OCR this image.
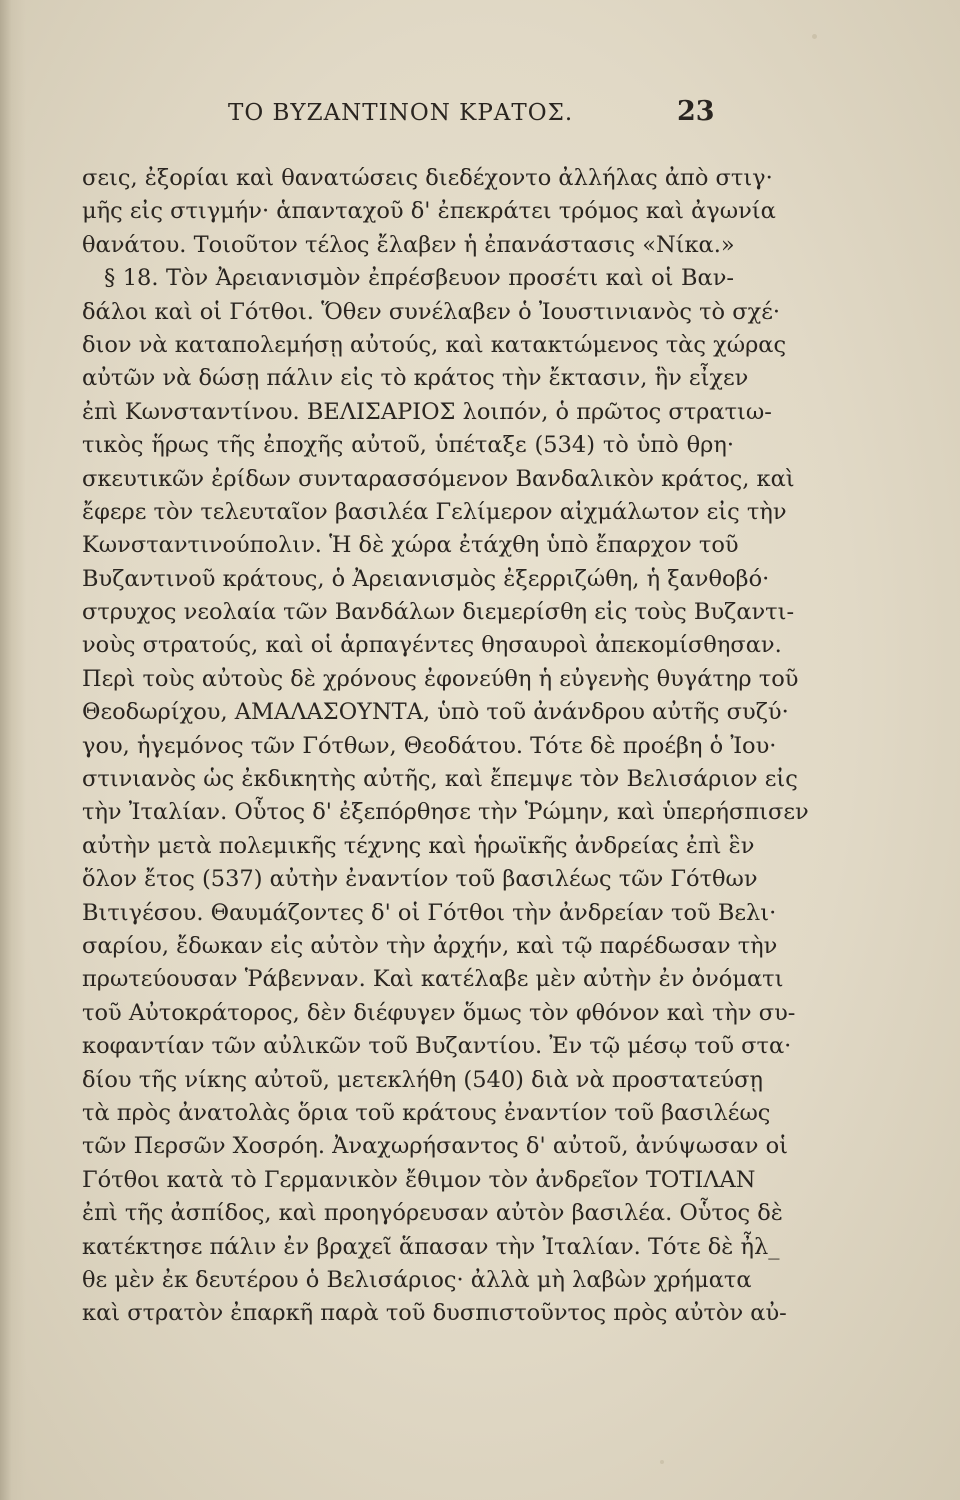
ΤΟ ΒΥΖΑΝΤΙΝΟΝ ΚΡΑΤΟΣ.	23
σεις, ἐξορίαι καὶ θανατώσεις διεδέχοντο ἀλλήλας ἀπὸ στιγ·
μῆς εἰς στιγμήν· ἁπανταχοῦ δ' ἐπεκράτει τρόμος καὶ ἀγωνία
θανάτου. Τοιοῦτον τέλος ἔλαβεν ἡ ἐπανάστασις «Νίκα.»
§ 18. Τὸν Ἀρειανισμὸν ἐπρέσβευον προσέτι καὶ οἱ Βαν-
δάλοι καὶ οἱ Γότθοι. Ὅθεν συνέλαβεν ὁ Ἰουστινιανὸς τὸ σχέ·
διον νὰ καταπολεμήσῃ αὐτούς, καὶ κατακτώμενος τὰς χώρας
αὐτῶν νὰ δώσῃ πάλιν εἰς τὸ κράτος τὴν ἔκτασιν, ἣν εἶχεν
ἐπὶ Κωνσταντίνου. ΒΕΛΙΣΑΡΙΟΣ λοιπόν, ὁ πρῶτος στρατιω-
τικὸς ἥρως τῆς ἐποχῆς αὐτοῦ, ὑπέταξε (534) τὸ ὑπὸ θρη·
σκευτικῶν ἐρίδων συνταρασσόμενον Βανδαλικὸν κράτος, καὶ
ἔφερε τὸν τελευταῖον βασιλέα Γελίμερον αἰχμάλωτον εἰς τὴν
Κωνσταντινούπολιν. Ἡ δὲ χώρα ἐτάχθη ὑπὸ ἔπαρχον τοῦ
Βυζαντινοῦ κράτους, ὁ Ἀρειανισμὸς ἐξερριζώθη, ἡ ξανθοβό·
στρυχος νεολαία τῶν Βανδάλων διεμερίσθη εἰς τοὺς Βυζαντι-
νοὺς στρατούς, καὶ οἱ ἁρπαγέντες θησαυροὶ ἀπεκομίσθησαν.
Περὶ τοὺς αὐτοὺς δὲ χρόνους ἐφονεύθη ἡ εὐγενὴς θυγάτηρ τοῦ
Θεοδωρίχου, ΑΜΑΛΑΣΟΥΝΤΑ, ὑπὸ τοῦ ἀνάνδρου αὐτῆς συζύ·
γου, ἡγεμόνος τῶν Γότθων, Θεοδάτου. Τότε δὲ προέβη ὁ Ἰου·
στινιανὸς ὡς ἐκδικητὴς αὐτῆς, καὶ ἔπεμψε τὸν Βελισάριον εἰς
τὴν Ἰταλίαν. Οὗτος δ' ἐξεπόρθησε τὴν Ῥώμην, καὶ ὑπερήσπισεν
αὐτὴν μετὰ πολεμικῆς τέχνης καὶ ἡρωϊκῆς ἀνδρείας ἐπὶ ἓν
ὅλον ἔτος (537) αὐτὴν ἐναντίον τοῦ βασιλέως τῶν Γότθων
Βιτιγέσου. Θαυμάζοντες δ' οἱ Γότθοι τὴν ἀνδρείαν τοῦ Βελι·
σαρίου, ἔδωκαν εἰς αὐτὸν τὴν ἀρχήν, καὶ τῷ παρέδωσαν τὴν
πρωτεύουσαν Ῥάβενναν. Καὶ κατέλαβε μὲν αὐτὴν ἐν ὀνόματι
τοῦ Αὐτοκράτορος, δὲν διέφυγεν ὅμως τὸν φθόνον καὶ τὴν συ-
κοφαντίαν τῶν αὐλικῶν τοῦ Βυζαντίου. Ἐν τῷ μέσῳ τοῦ στα·
δίου τῆς νίκης αὐτοῦ, μετεκλήθη (540) διὰ νὰ προστατεύσῃ
τὰ πρὸς ἀνατολὰς ὅρια τοῦ κράτους ἐναντίον τοῦ βασιλέως
τῶν Περσῶν Χοσρόη. Ἀναχωρήσαντος δ' αὐτοῦ, ἀνύψωσαν οἱ
Γότθοι κατὰ τὸ Γερμανικὸν ἔθιμον τὸν ἀνδρεῖον ΤΟΤΙΛΑΝ
ἐπὶ τῆς ἀσπίδος, καὶ προηγόρευσαν αὐτὸν βασιλέα. Οὗτος δὲ
κατέκτησε πάλιν ἐν βραχεῖ ἅπασαν τὴν Ἰταλίαν. Τότε δὲ ἦλ_
θε μὲν ἐκ δευτέρου ὁ Βελισάριος· ἀλλὰ μὴ λαβὼν χρήματα
καὶ στρατὸν ἐπαρκῆ παρὰ τοῦ δυσπιστοῦντος πρὸς αὐτὸν αὐ-
